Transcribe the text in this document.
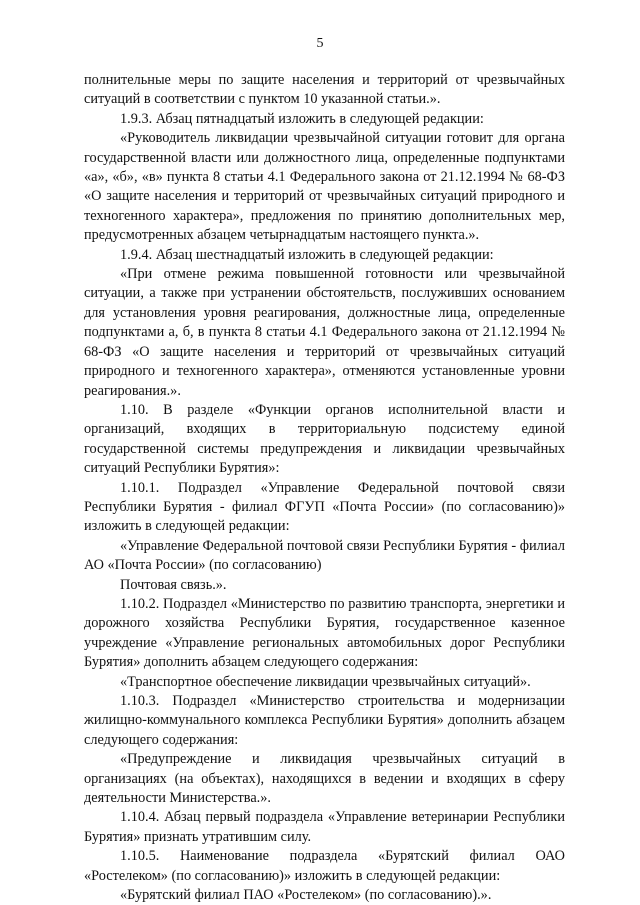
5

полнительные меры по защите населения и территорий от чрезвычайных ситуаций в соответствии с пунктом 10 указанной статьи.».

1.9.3. Абзац пятнадцатый изложить в следующей редакции:

«Руководитель ликвидации чрезвычайной ситуации готовит для органа государственной власти или должностного лица, определенные подпунктами «а», «б», «в» пункта 8 статьи 4.1 Федерального закона от 21.12.1994 № 68-ФЗ «О защите населения и территорий от чрезвычайных ситуаций природного и техногенного характера», предложения по принятию дополнительных мер, предусмотренных абзацем четырнадцатым настоящего пункта.».

1.9.4. Абзац шестнадцатый изложить в следующей редакции:

«При отмене режима повышенной готовности или чрезвычайной ситуации, а также при устранении обстоятельств, послуживших основанием для установления уровня реагирования, должностные лица, определенные подпунктами а, б, в пункта 8 статьи 4.1 Федерального закона от 21.12.1994 № 68-ФЗ «О защите населения и территорий от чрезвычайных ситуаций природного и техногенного характера», отменяются установленные уровни реагирования.».

1.10. В разделе «Функции органов исполнительной власти и организаций, входящих в территориальную подсистему единой государственной системы предупреждения и ликвидации чрезвычайных ситуаций Республики Бурятия»:

1.10.1. Подраздел «Управление Федеральной почтовой связи Республики Бурятия - филиал ФГУП «Почта России» (по согласованию)» изложить в следующей редакции:

«Управление Федеральной почтовой связи Республики Бурятия - филиал АО «Почта России» (по согласованию)

Почтовая связь.».

1.10.2. Подраздел «Министерство по развитию транспорта, энергетики и дорожного хозяйства Республики Бурятия, государственное казенное учреждение «Управление региональных автомобильных дорог Республики Бурятия» дополнить абзацем следующего содержания:

«Транспортное обеспечение ликвидации чрезвычайных ситуаций».

1.10.3. Подраздел «Министерство строительства и модернизации жилищно-коммунального комплекса Республики Бурятия» дополнить абзацем следующего содержания:

«Предупреждение и ликвидация чрезвычайных ситуаций в организациях (на объектах), находящихся в ведении и входящих в сферу деятельности Министерства.».

1.10.4. Абзац первый подраздела «Управление ветеринарии Республики Бурятия» признать утратившим силу.

1.10.5. Наименование подраздела «Бурятский филиал ОАО «Ростелеком» (по согласованию)» изложить в следующей редакции:

«Бурятский филиал ПАО «Ростелеком» (по согласованию).».
